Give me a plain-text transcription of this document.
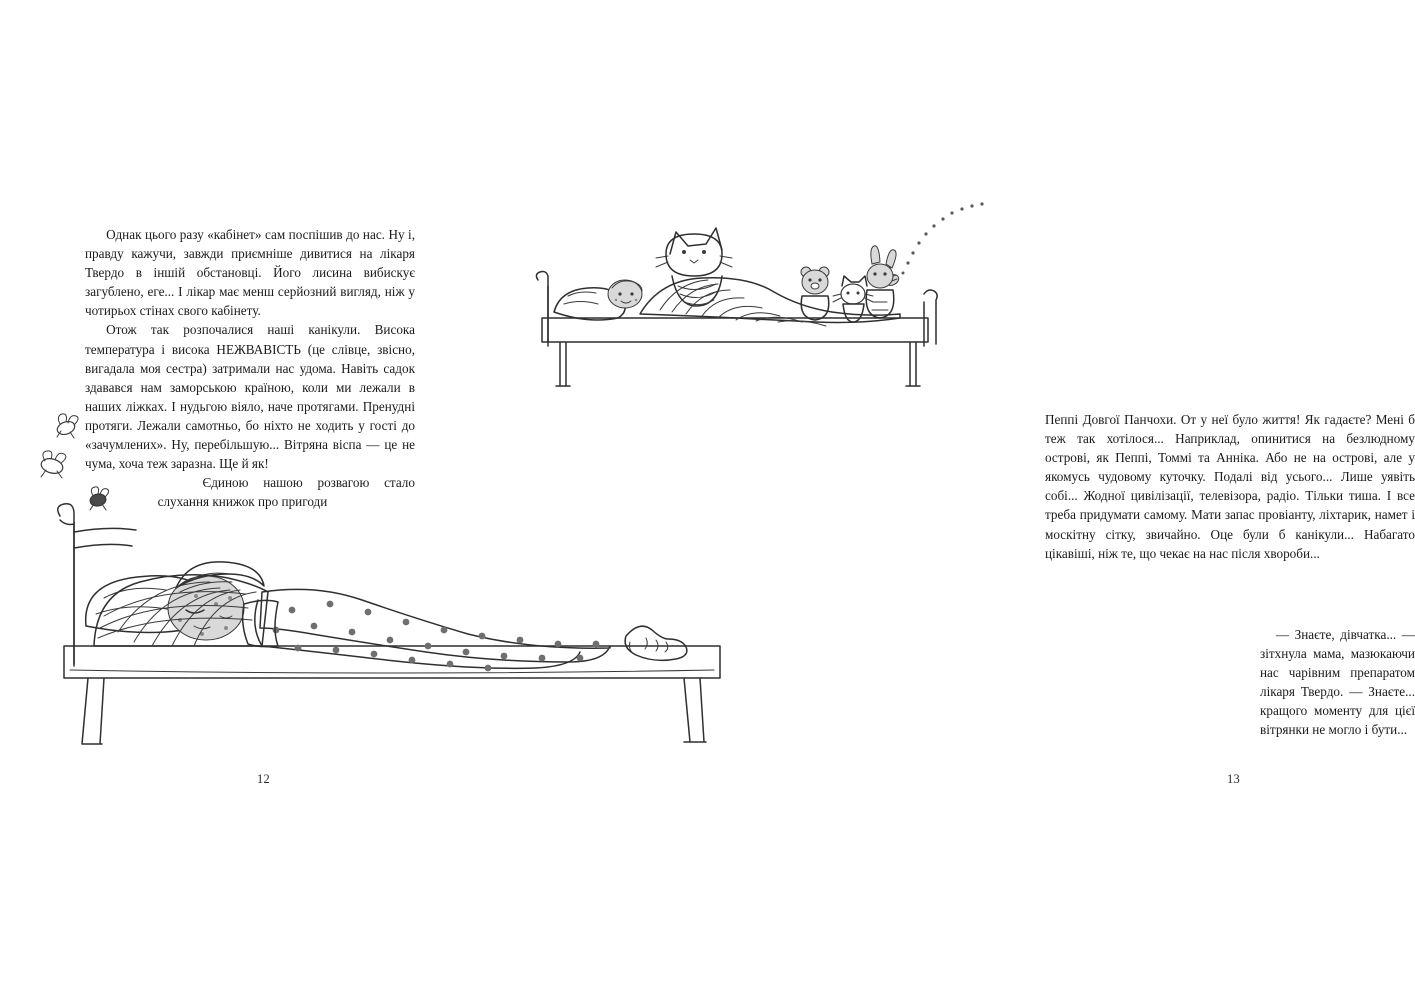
Однак цього разу «кабінет» сам поспішив до нас. Ну і, правду кажучи, завжди приємніше дивитися на лікаря Твердо в іншій обстановці. Його лисина вибискує загублено, еге... І лікар має менш серйозний вигляд, ніж у чотирьох стінах свого кабінету.

Отож так розпочалися наші канікули. Висока температура і висока НЕЖВАВІСТЬ (це слівце, звісно, вигадала моя сестра) затримали нас удома. Навіть садок здавався нам заморською країною, коли ми лежали в наших ліжках. І нудьгою віяло, наче протягами. Пренудні протяги. Лежали самотньо, бо ніхто не ходить у гості до «зачумлених». Ну, перебільшую... Вітряна віспа — це не чума, хоча теж заразна. Ще й як!

Єдиною нашою розвагою стало слухання книжок про пригоди

12

Пеппі Довгої Панчохи. От у неї було життя! Як гадаєте? Мені б теж так хотілося... Наприклад, опинитися на безлюдному острові, як Пеппі, Томмі та Анніка. Або не на острові, але у якомусь чудовому куточку. Подалі від усього... Лише уявіть собі... Жодної цивілізації, телевізора, радіо. Тільки тиша. І все треба придумати самому. Мати запас провіанту, ліхтарик, намет і москітну сітку, звичайно. Оце були б канікули... Набагато цікавіші, ніж те, що чекає на нас після хвороби...

— Знаєте, дівчатка... — зітхнула мама, мазюкаючи нас чарівним препаратом лікаря Твердо. — Знаєте... кращого моменту для цієї вітрянки не могло і бути...

13
